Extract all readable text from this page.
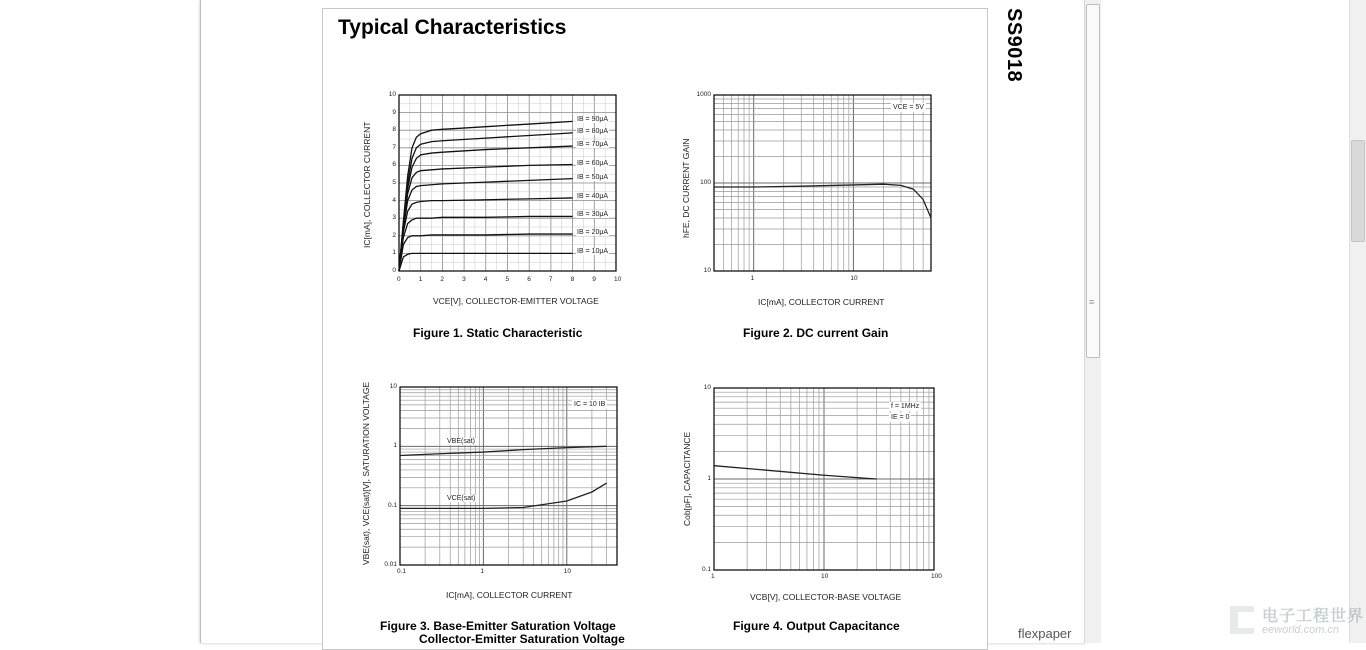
Typical Characteristics	SS9018
IC[mA], COLLECTOR CURRENT
VCE[V], COLLECTOR-EMITTER VOLTAGE
Figure 1. Static Characteristic
0	1	2	3	4	5	6	7	8	9	10
0
1
2
3
4
5
6
7
8
9
10
IB = 90μA
IB = 80μA
IB = 70μA
IB = 60μA
IB = 50μA
IB = 40μA
IB = 30μA
IB = 20μA
IB = 10μA
hFE, DC CURRENT GAIN
IC[mA], COLLECTOR CURRENT
Figure 2. DC current Gain
VCE = 5V
1	10
1000
100
10
VBE(sat), VCE(sat)[V], SATURATION VOLTAGE
IC[mA], COLLECTOR CURRENT
Figure 3. Base-Emitter Saturation Voltage
Collector-Emitter Saturation Voltage
IC = 10 IB
VBE(sat)
VCE(sat)
0.1	1	10
10
1
0.1
0.01
Cob[pF], CAPACITANCE
VCB[V], COLLECTOR-BASE VOLTAGE
Figure 4. Output Capacitance
f = 1MHz
IE = 0
1	10	100
10
1
0.1
≡
flexpaper
电子工程世界
eeworld.com.cn
